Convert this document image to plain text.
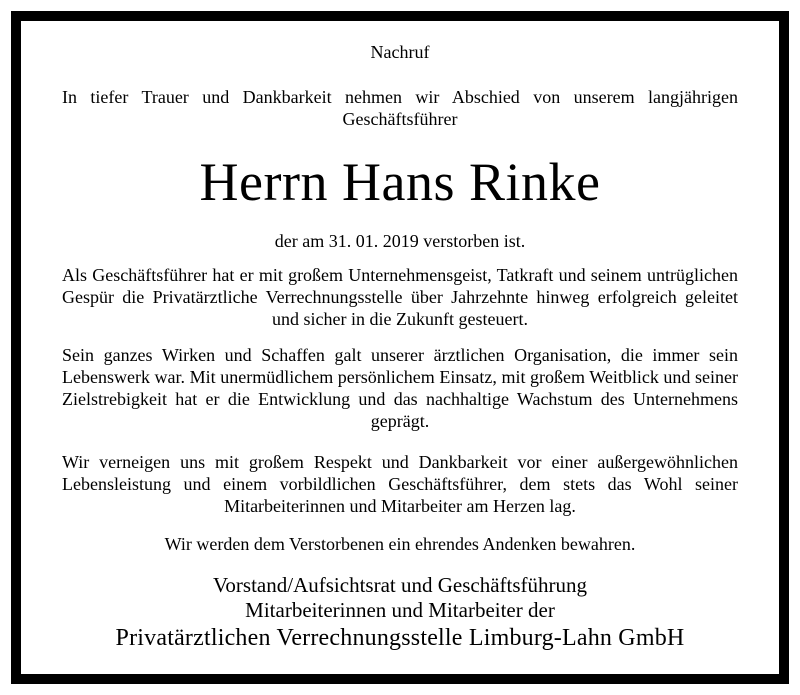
Nachruf
In tiefer Trauer und Dankbarkeit nehmen wir Abschied von unserem langjährigen Geschäftsführer
Herrn Hans Rinke
der am 31. 01. 2019 verstorben ist.
Als Geschäftsführer hat er mit großem Unternehmensgeist, Tatkraft und seinem untrüglichen Gespür die Privatärztliche Verrechnungsstelle über Jahrzehnte hinweg erfolgreich geleitet und sicher in die Zukunft gesteuert.
Sein ganzes Wirken und Schaffen galt unserer ärztlichen Organisation, die immer sein Lebenswerk war. Mit unermüdlichem persönlichem Einsatz, mit großem Weitblick und seiner Zielstrebigkeit hat er die Entwicklung und das nachhaltige Wachstum des Unternehmens geprägt.
Wir verneigen uns mit großem Respekt und Dankbarkeit vor einer außergewöhnlichen Lebensleistung und einem vorbildlichen Geschäftsführer, dem stets das Wohl seiner Mitarbeiterinnen und Mitarbeiter am Herzen lag.
Wir werden dem Verstorbenen ein ehrendes Andenken bewahren.
Vorstand/Aufsichtsrat und Geschäftsführung
Mitarbeiterinnen und Mitarbeiter der
Privatärztlichen Verrechnungsstelle Limburg-Lahn GmbH
